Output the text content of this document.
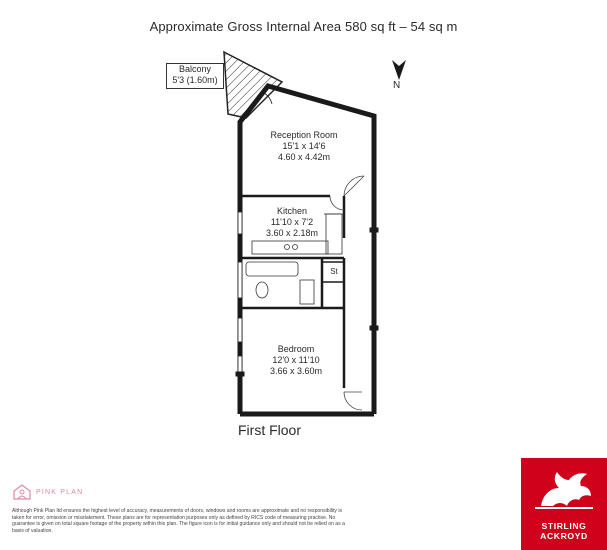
Approximate Gross Internal Area 580 sq ft – 54 sq m
Balcony
5'3 (1.60m)
Reception Room
15'1 x 14'6
4.60 x 4.42m
Kitchen
11'10 x 7'2
3.60 x 2.18m
St
Bedroom
12'0 x 11'10
3.66 x 3.60m
N
First Floor
PINK PLAN
Although Pink Plan ltd ensures the highest level of accuracy, measurements of doors, windows and rooms are approximate and no responsibility is taken for error, omission or misstatement. These plans are for representation purposes only as defined by RICS code of measuring practise. No guarantee is given on total square footage of the property within this plan. The figure icon is for initial guidance only and should not be relied on as a basis of valuation.	STIRLING
ACKROYD
